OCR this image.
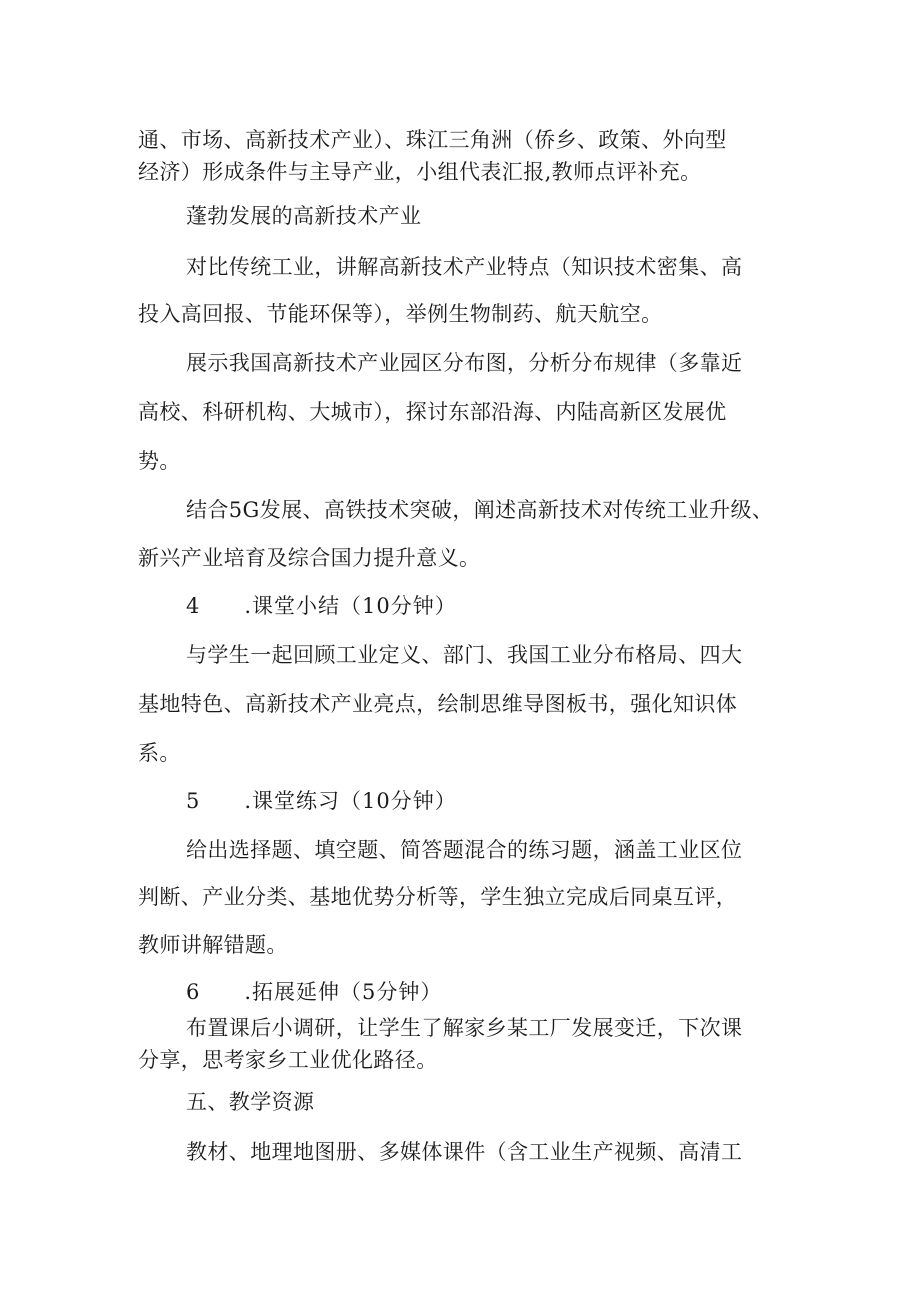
通、市场、高新技术产业）、珠江三角洲（侨乡、政策、外向型
经济）形成条件与主导产业，小组代表汇报,教师点评补充。
蓬勃发展的高新技术产业
对比传统工业，讲解高新技术产业特点（知识技术密集、高
投入高回报、节能环保等），举例生物制药、航天航空。
展示我国高新技术产业园区分布图，分析分布规律（多靠近
高校、科研机构、大城市），探讨东部沿海、内陆高新区发展优
势。
结合5G发展、高铁技术突破，阐述高新技术对传统工业升级、
新兴产业培育及综合国力提升意义。
4　　.课堂小结（10分钟）
与学生一起回顾工业定义、部门、我国工业分布格局、四大
基地特色、高新技术产业亮点，绘制思维导图板书，强化知识体
系。
5　　.课堂练习（10分钟）
给出选择题、填空题、简答题混合的练习题，涵盖工业区位
判断、产业分类、基地优势分析等，学生独立完成后同桌互评，
教师讲解错题。
6　　.拓展延伸（5分钟）
布置课后小调研，让学生了解家乡某工厂发展变迁，下次课
分享，思考家乡工业优化路径。
五、教学资源
教材、地理地图册、多媒体课件（含工业生产视频、高清工
